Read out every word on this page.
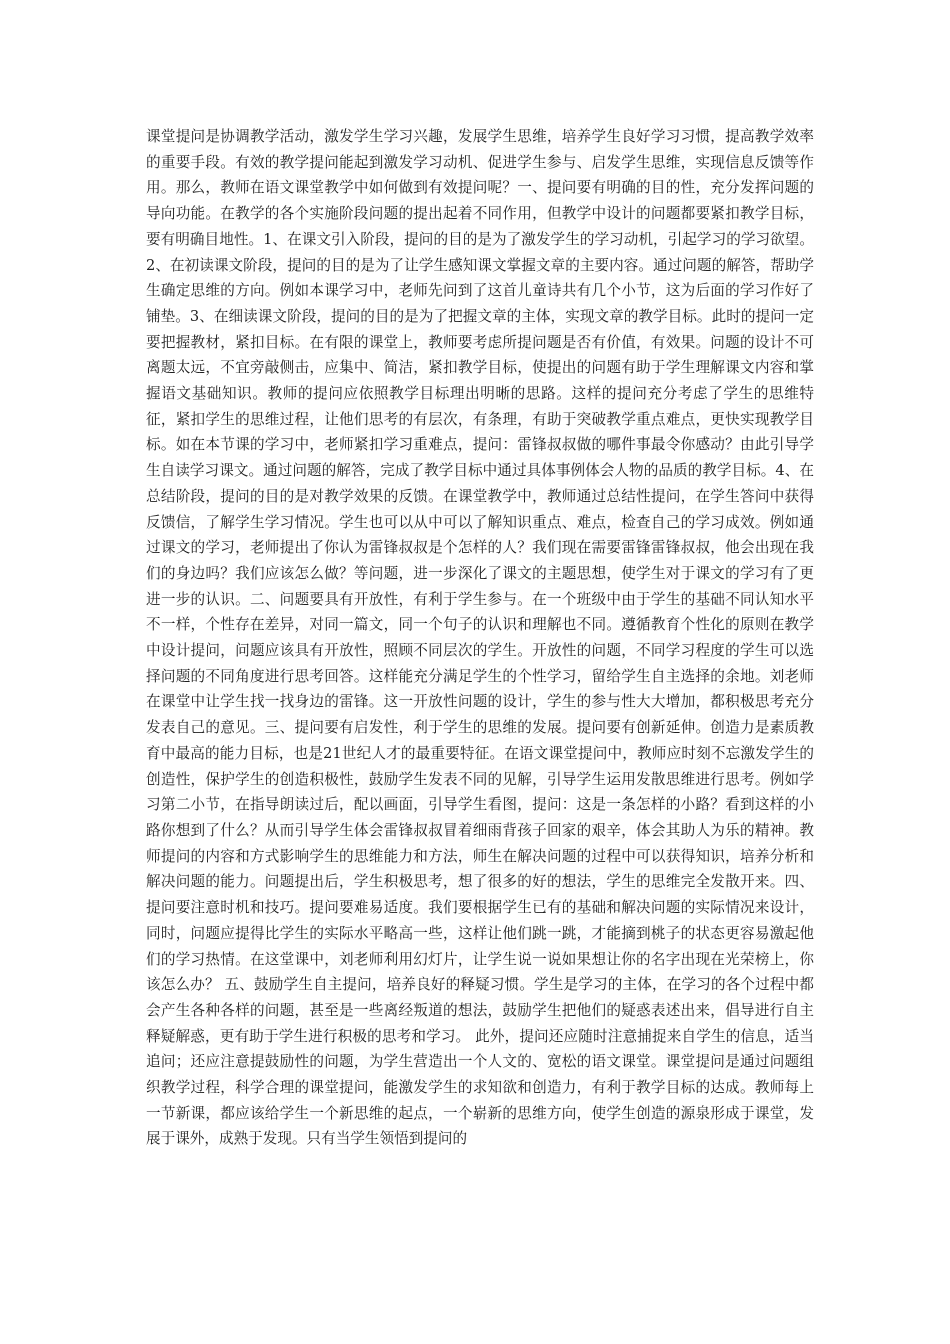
课堂提问是协调教学活动，激发学生学习兴趣，发展学生思维，培养学生良好学习习惯，提高教学效率的重要手段。有效的教学提问能起到激发学习动机、促进学生参与、启发学生思维，实现信息反馈等作用。那么，教师在语文课堂教学中如何做到有效提问呢？一、提问要有明确的目的性，充分发挥问题的导向功能。在教学的各个实施阶段问题的提出起着不同作用，但教学中设计的问题都要紧扣教学目标，要有明确目地性。1、在课文引入阶段，提问的目的是为了激发学生的学习动机，引起学习的学习欲望。2、在初读课文阶段，提问的目的是为了让学生感知课文掌握文章的主要内容。通过问题的解答，帮助学生确定思维的方向。例如本课学习中，老师先问到了这首儿童诗共有几个小节，这为后面的学习作好了铺垫。3、在细读课文阶段，提问的目的是为了把握文章的主体，实现文章的教学目标。此时的提问一定要把握教材，紧扣目标。在有限的课堂上，教师要考虑所提问题是否有价值，有效果。问题的设计不可离题太远，不宜旁敲侧击，应集中、简洁，紧扣教学目标，使提出的问题有助于学生理解课文内容和掌握语文基础知识。教师的提问应依照教学目标理出明晰的思路。这样的提问充分考虑了学生的思维特征，紧扣学生的思维过程，让他们思考的有层次，有条理，有助于突破教学重点难点，更快实现教学目标。如在本节课的学习中，老师紧扣学习重难点，提问：雷锋叔叔做的哪件事最令你感动？由此引导学生自读学习课文。通过问题的解答，完成了教学目标中通过具体事例体会人物的品质的教学目标。4、在总结阶段，提问的目的是对教学效果的反馈。在课堂教学中，教师通过总结性提问，在学生答问中获得反馈信，了解学生学习情况。学生也可以从中可以了解知识重点、难点，检查自己的学习成效。例如通过课文的学习，老师提出了你认为雷锋叔叔是个怎样的人？我们现在需要雷锋雷锋叔叔，他会出现在我们的身边吗？我们应该怎么做？等问题，进一步深化了课文的主题思想，使学生对于课文的学习有了更进一步的认识。二、问题要具有开放性，有利于学生参与。在一个班级中由于学生的基础不同认知水平不一样，个性存在差异，对同一篇文，同一个句子的认识和理解也不同。遵循教育个性化的原则在教学中设计提问，问题应该具有开放性，照顾不同层次的学生。开放性的问题，不同学习程度的学生可以选择问题的不同角度进行思考回答。这样能充分满足学生的个性学习，留给学生自主选择的余地。刘老师在课堂中让学生找一找身边的雷锋。这一开放性问题的设计，学生的参与性大大增加，都积极思考充分发表自己的意见。三、提问要有启发性，利于学生的思维的发展。提问要有创新延伸。创造力是素质教育中最高的能力目标，也是21世纪人才的最重要特征。在语文课堂提问中，教师应时刻不忘激发学生的创造性，保护学生的创造积极性，鼓励学生发表不同的见解，引导学生运用发散思维进行思考。例如学习第二小节，在指导朗读过后，配以画面，引导学生看图，提问：这是一条怎样的小路？看到这样的小路你想到了什么？从而引导学生体会雷锋叔叔冒着细雨背孩子回家的艰辛，体会其助人为乐的精神。教师提问的内容和方式影响学生的思维能力和方法，师生在解决问题的过程中可以获得知识，培养分析和解决问题的能力。问题提出后，学生积极思考，想了很多的好的想法，学生的思维完全发散开来。四、提问要注意时机和技巧。提问要难易适度。我们要根据学生已有的基础和解决问题的实际情况来设计，同时，问题应提得比学生的实际水平略高一些，这样让他们跳一跳，才能摘到桃子的状态更容易激起他们的学习热情。在这堂课中，刘老师利用幻灯片，让学生说一说如果想让你的名字出现在光荣榜上，你该怎么办？ 五、鼓励学生自主提问，培养良好的释疑习惯。学生是学习的主体，在学习的各个过程中都会产生各种各样的问题，甚至是一些离经叛道的想法，鼓励学生把他们的疑惑表述出来，倡导进行自主释疑解惑，更有助于学生进行积极的思考和学习。 此外，提问还应随时注意捕捉来自学生的信息，适当追问；还应注意提鼓励性的问题，为学生营造出一个人文的、宽松的语文课堂。课堂提问是通过问题组织教学过程，科学合理的课堂提问，能激发学生的求知欲和创造力，有利于教学目标的达成。教师每上一节新课，都应该给学生一个新思维的起点，一个崭新的思维方向，使学生创造的源泉形成于课堂，发展于课外，成熟于发现。只有当学生领悟到提问的
